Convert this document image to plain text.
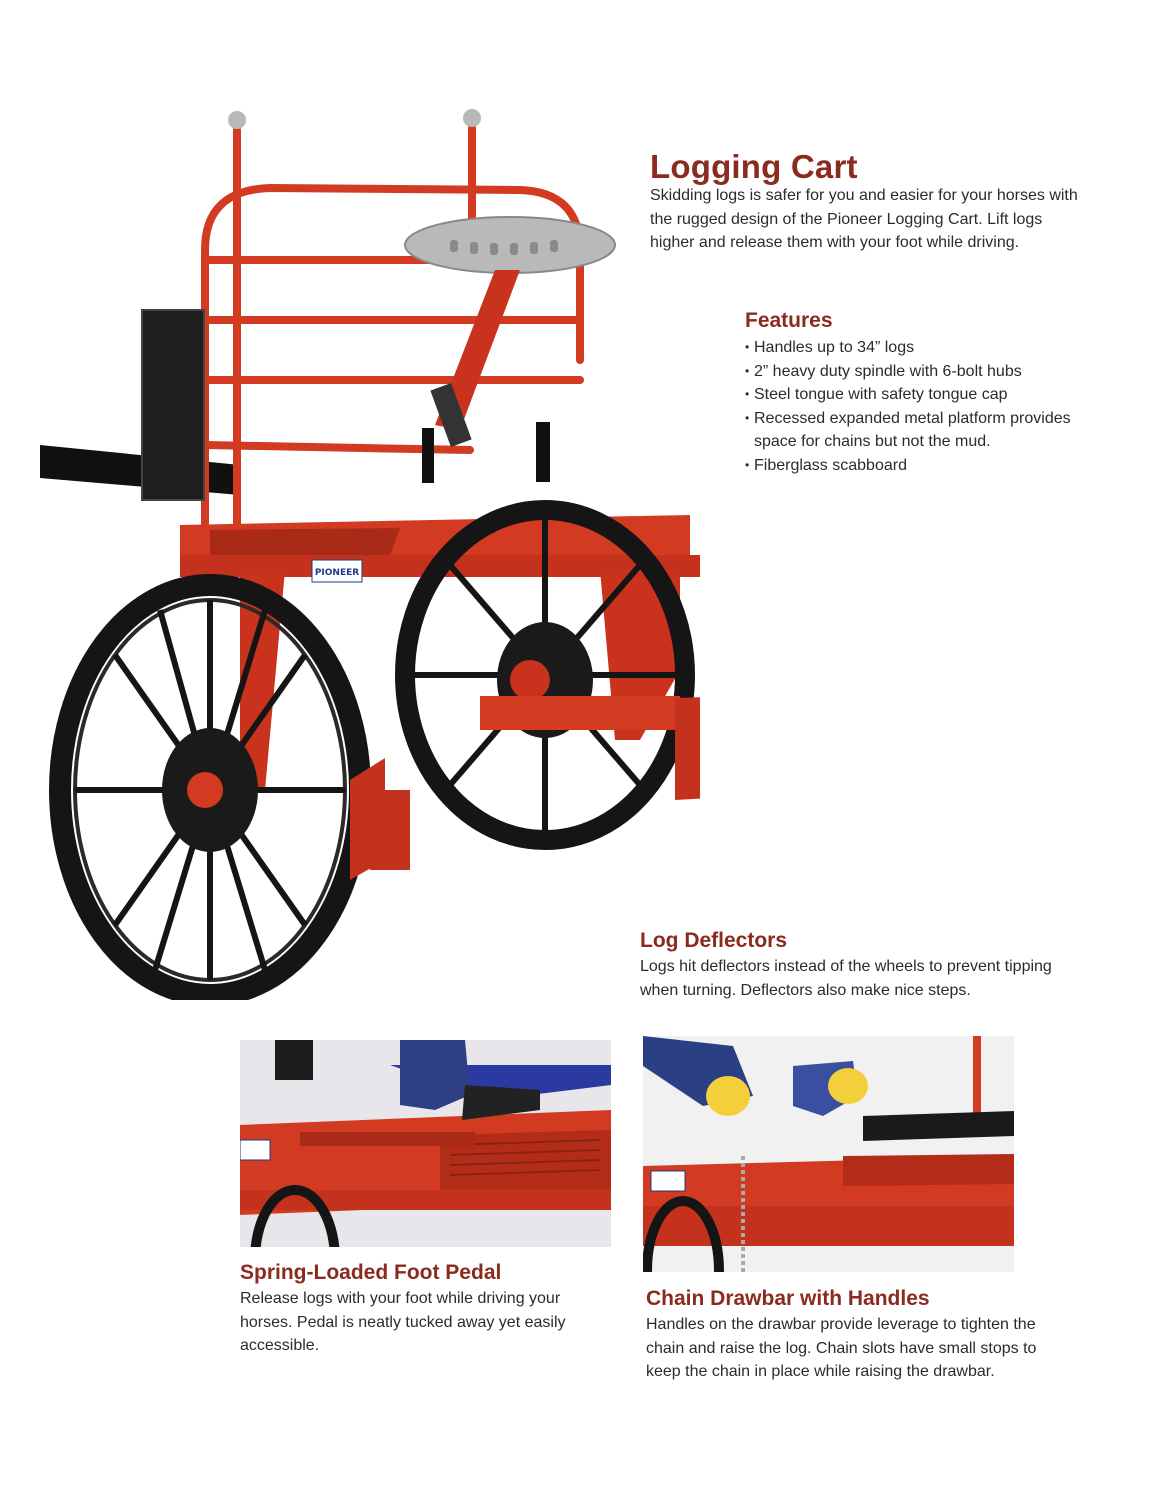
PIONEER
Logging Cart

Skidding logs is safer for you and easier for your horses with the rugged design of the Pioneer Logging Cart. Lift logs higher and release them with your foot while driving.

Features
• Handles up to 34” logs
• 2” heavy duty spindle with 6-bolt hubs
• Steel tongue with safety tongue cap
• Recessed expanded metal platform provides space for chains but not the mud.
• Fiberglass scabboard
Log Deflectors

Logs hit deflectors instead of the wheels to prevent tipping when turning. Deflectors also make nice steps.

Spring-Loaded Foot Pedal

Release logs with your foot while driving your horses. Pedal is neatly tucked away yet easily accessible.

Chain Drawbar with Handles

Handles on the drawbar provide leverage to tighten the chain and raise the log. Chain slots have small stops to keep the chain in place while raising the drawbar.
